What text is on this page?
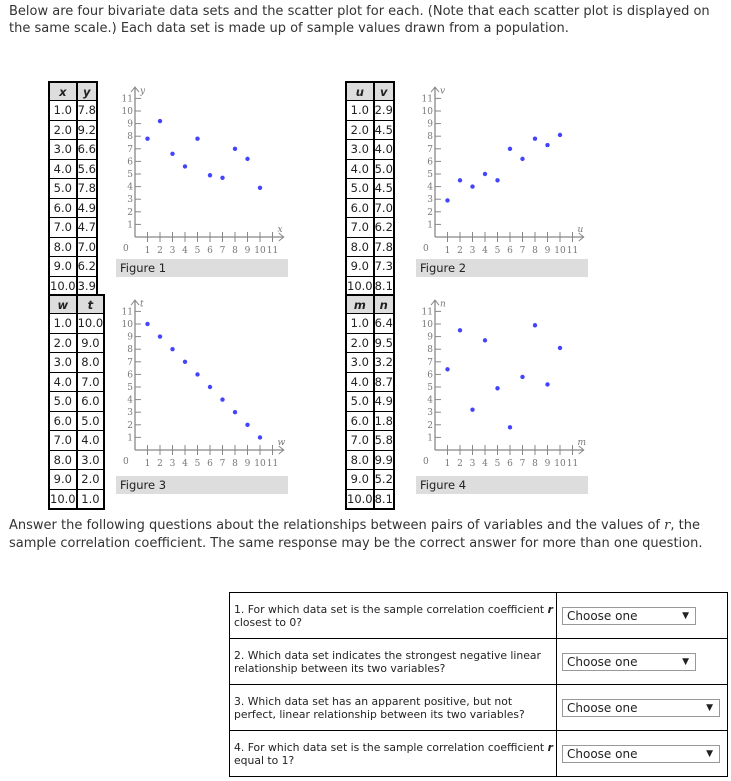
Below are four bivariate data sets and the scatter plot for each. (Note that each scatter plot is displayed on the same scale.) Each data set is made up of sample values drawn from a population.
x	y
1.0	7.8
2.0	9.2
3.0	6.6
4.0	5.6
5.0	7.8
6.0	4.9
7.0	4.7
8.0	7.0
9.0	6.2
10.0	3.9
1
1
2
2
3
3
4
4
5
5
6
6
7
7
8
8
9
9
10
10
11
11
0
x
y
Figure 1
u	v
1.0	2.9
2.0	4.5
3.0	4.0
4.0	5.0
5.0	4.5
6.0	7.0
7.0	6.2
8.0	7.8
9.0	7.3
10.0	8.1
1
1
2
2
3
3
4
4
5
5
6
6
7
7
8
8
9
9
10
10
11
11
0
u
v
Figure 2
w	t
1.0	10.0
2.0	9.0
3.0	8.0
4.0	7.0
5.0	6.0
6.0	5.0
7.0	4.0
8.0	3.0
9.0	2.0
10.0	1.0
1
1
2
2
3
3
4
4
5
5
6
6
7
7
8
8
9
9
10
10
11
11
0
w
t
Figure 3
m	n
1.0	6.4
2.0	9.5
3.0	3.2
4.0	8.7
5.0	4.9
6.0	1.8
7.0	5.8
8.0	9.9
9.0	5.2
10.0	8.1
1
1
2
2
3
3
4
4
5
5
6
6
7
7
8
8
9
9
10
10
11
11
0
m
n
Figure 4
Answer the following questions about the relationships between pairs of variables and the values of r, the sample correlation coefficient. The same response may be the correct answer for more than one question.
1. For which data set is the sample correlation coefficient r closest to 0?	Choose one ▼

2. Which data set indicates the strongest negative linear relationship between its two variables?	Choose one ▼

3. Which data set has an apparent positive, but not perfect, linear relationship between its two variables?	Choose one ▼

4. For which data set is the sample correlation coefficient r equal to 1?	Choose one ▼
